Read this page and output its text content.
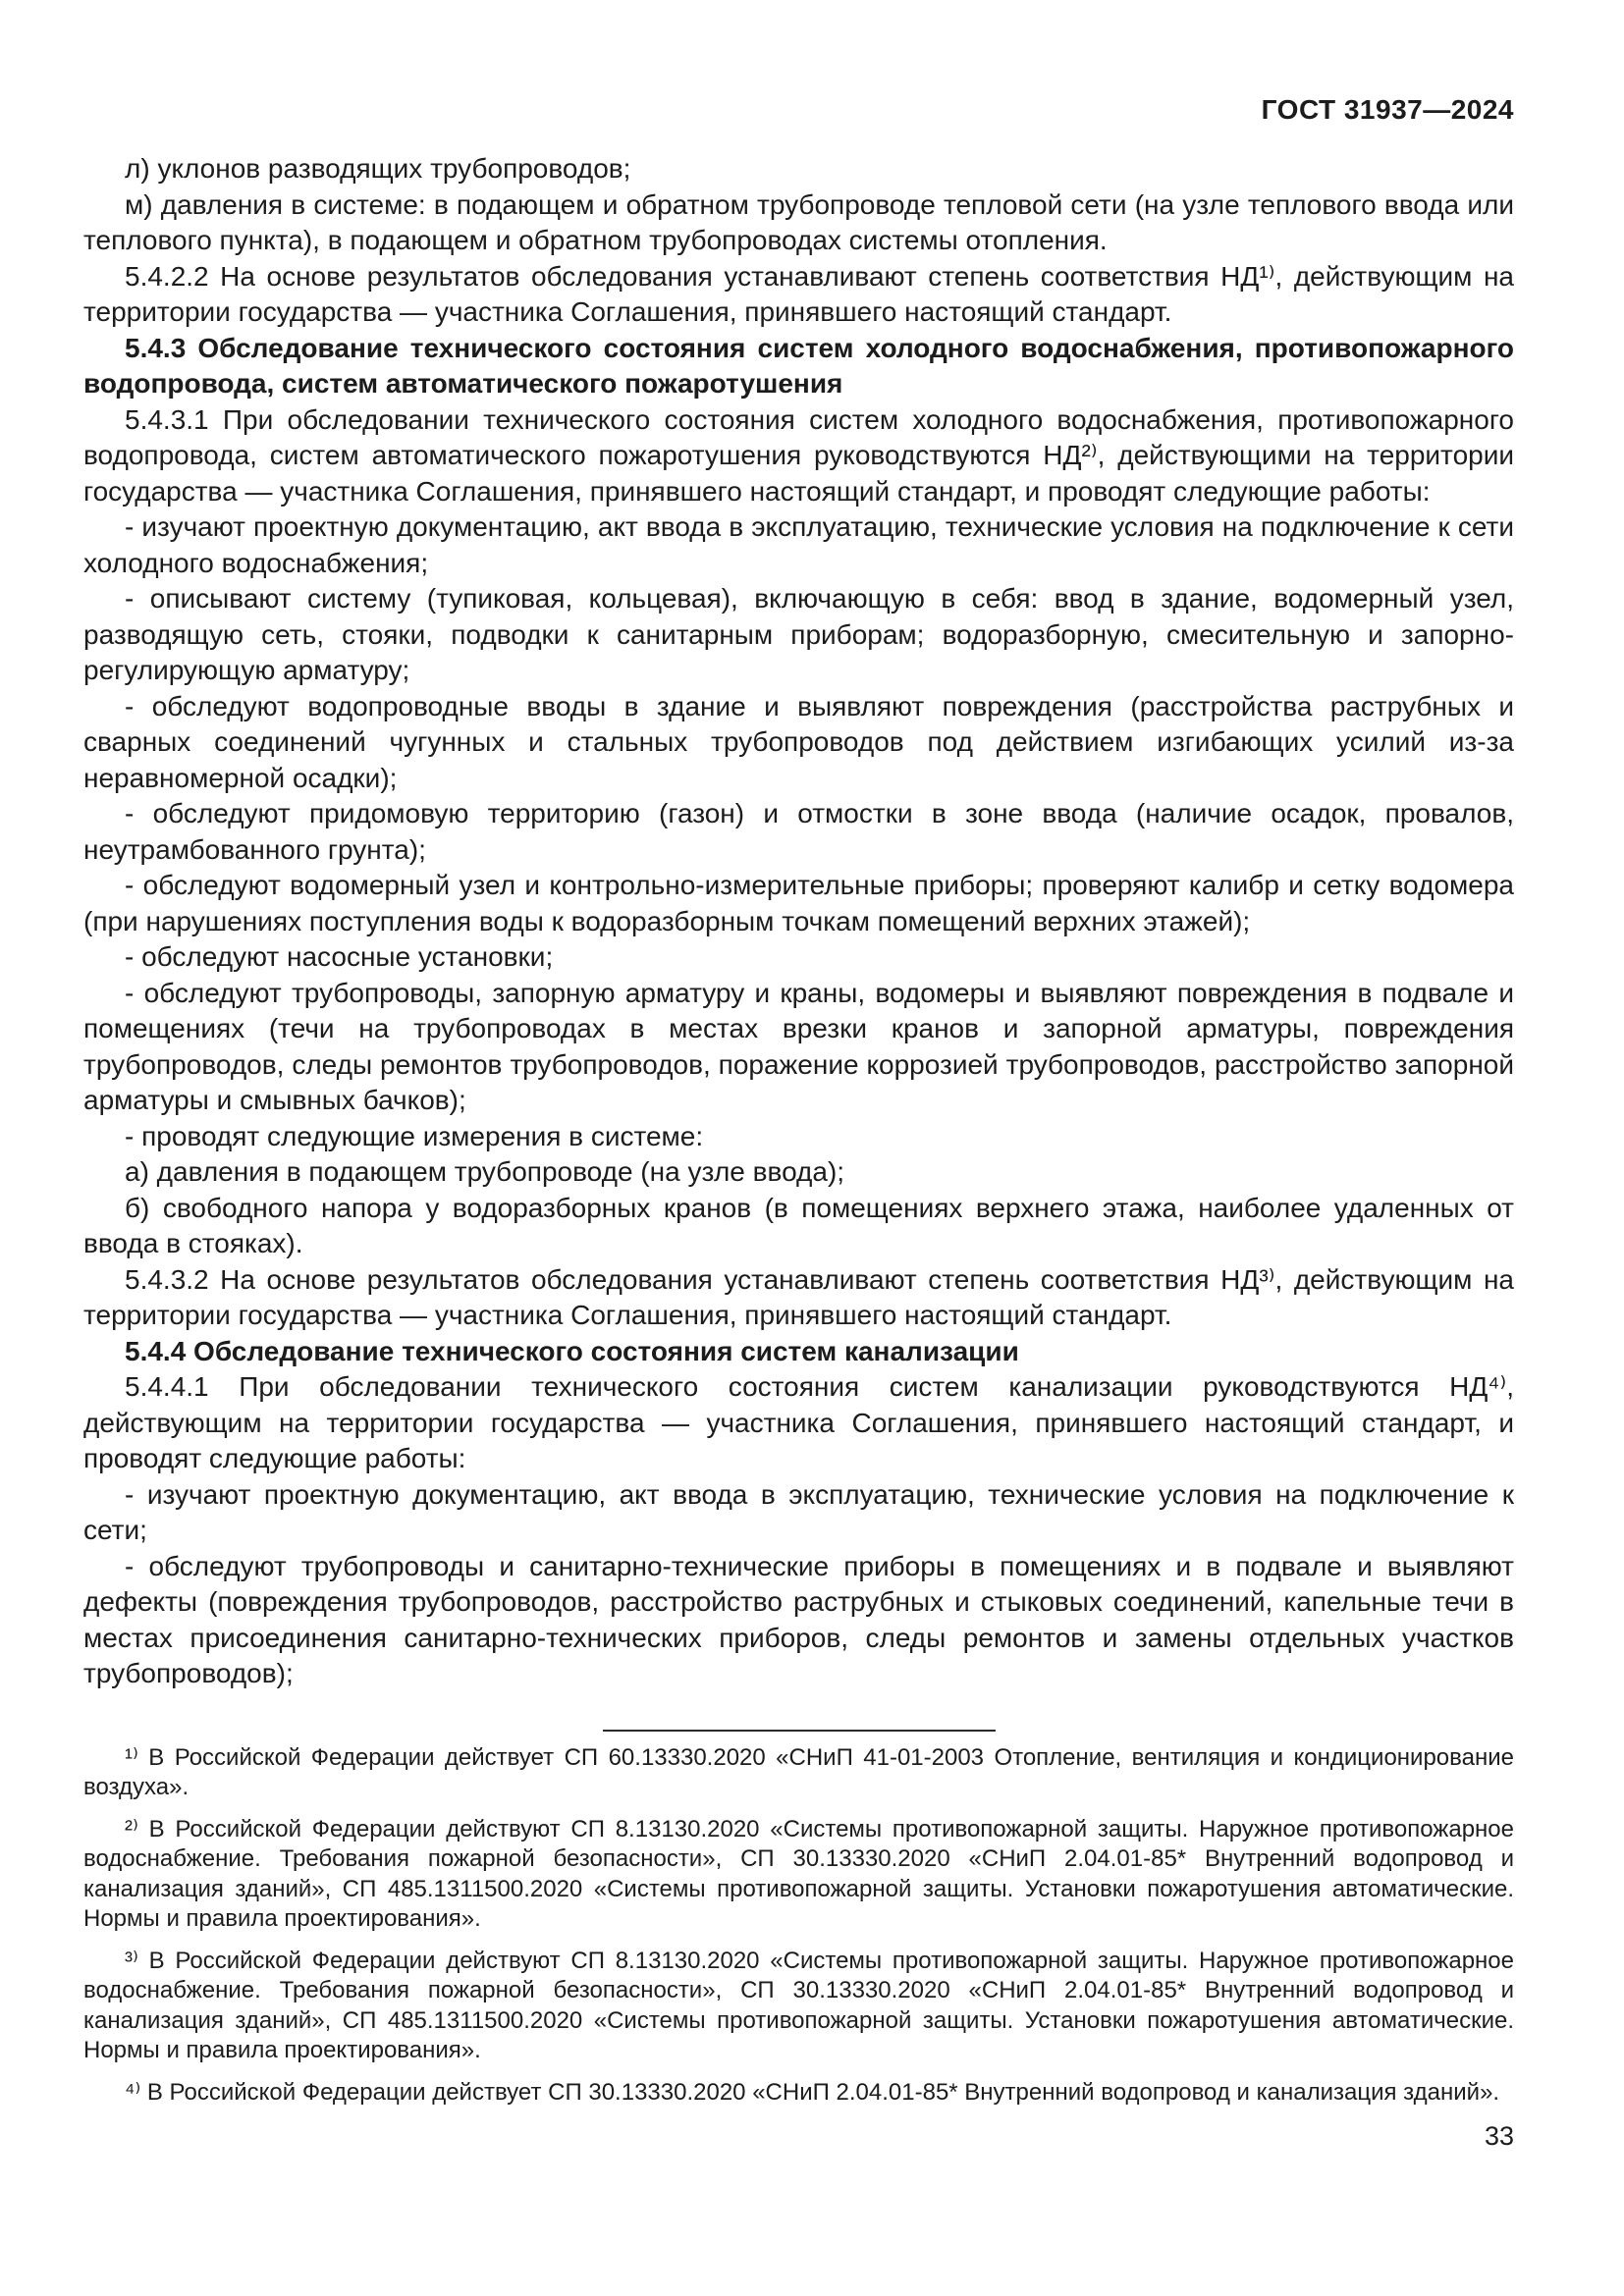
ГОСТ 31937—2024

л) уклонов разводящих трубопроводов;

м) давления в системе: в подающем и обратном трубопроводе тепловой сети (на узле теплового ввода или теплового пункта), в подающем и обратном трубопроводах системы отопления.

5.4.2.2 На основе результатов обследования устанавливают степень соответствия НД¹⁾, действующим на территории государства — участника Соглашения, принявшего настоящий стандарт.

5.4.3 Обследование технического состояния систем холодного водоснабжения, противопожарного водопровода, систем автоматического пожаротушения

5.4.3.1 При обследовании технического состояния систем холодного водоснабжения, противопожарного водопровода, систем автоматического пожаротушения руководствуются НД²⁾, действующими на территории государства — участника Соглашения, принявшего настоящий стандарт, и проводят следующие работы:

- изучают проектную документацию, акт ввода в эксплуатацию, технические условия на подключение к сети холодного водоснабжения;

- описывают систему (тупиковая, кольцевая), включающую в себя: ввод в здание, водомерный узел, разводящую сеть, стояки, подводки к санитарным приборам; водоразборную, смесительную и запорно-регулирующую арматуру;

- обследуют водопроводные вводы в здание и выявляют повреждения (расстройства раструбных и сварных соединений чугунных и стальных трубопроводов под действием изгибающих усилий из-за неравномерной осадки);

- обследуют придомовую территорию (газон) и отмостки в зоне ввода (наличие осадок, провалов, неутрамбованного грунта);

- обследуют водомерный узел и контрольно-измерительные приборы; проверяют калибр и сетку водомера (при нарушениях поступления воды к водоразборным точкам помещений верхних этажей);

- обследуют насосные установки;

- обследуют трубопроводы, запорную арматуру и краны, водомеры и выявляют повреждения в подвале и помещениях (течи на трубопроводах в местах врезки кранов и запорной арматуры, повреждения трубопроводов, следы ремонтов трубопроводов, поражение коррозией трубопроводов, расстройство запорной арматуры и смывных бачков);

- проводят следующие измерения в системе:

а) давления в подающем трубопроводе (на узле ввода);

б) свободного напора у водоразборных кранов (в помещениях верхнего этажа, наиболее удаленных от ввода в стояках).

5.4.3.2 На основе результатов обследования устанавливают степень соответствия НД³⁾, действующим на территории государства — участника Соглашения, принявшего настоящий стандарт.

5.4.4 Обследование технического состояния систем канализации

5.4.4.1 При обследовании технического состояния систем канализации руководствуются НД⁴⁾, действующим на территории государства — участника Соглашения, принявшего настоящий стандарт, и проводят следующие работы:

- изучают проектную документацию, акт ввода в эксплуатацию, технические условия на подключение к сети;

- обследуют трубопроводы и санитарно-технические приборы в помещениях и в подвале и выявляют дефекты (повреждения трубопроводов, расстройство раструбных и стыковых соединений, капельные течи в местах присоединения санитарно-технических приборов, следы ремонтов и замены отдельных участков трубопроводов);

¹⁾ В Российской Федерации действует СП 60.13330.2020 «СНиП 41-01-2003 Отопление, вентиляция и кондиционирование воздуха».

²⁾ В Российской Федерации действуют СП 8.13130.2020 «Системы противопожарной защиты. Наружное противопожарное водоснабжение. Требования пожарной безопасности», СП 30.13330.2020 «СНиП 2.04.01-85* Внутренний водопровод и канализация зданий», СП 485.1311500.2020 «Системы противопожарной защиты. Установки пожаротушения автоматические. Нормы и правила проектирования».

³⁾ В Российской Федерации действуют СП 8.13130.2020 «Системы противопожарной защиты. Наружное противопожарное водоснабжение. Требования пожарной безопасности», СП 30.13330.2020 «СНиП 2.04.01-85* Внутренний водопровод и канализация зданий», СП 485.1311500.2020 «Системы противопожарной защиты. Установки пожаротушения автоматические. Нормы и правила проектирования».

⁴⁾ В Российской Федерации действует СП 30.13330.2020 «СНиП 2.04.01-85* Внутренний водопровод и канализация зданий».

33
